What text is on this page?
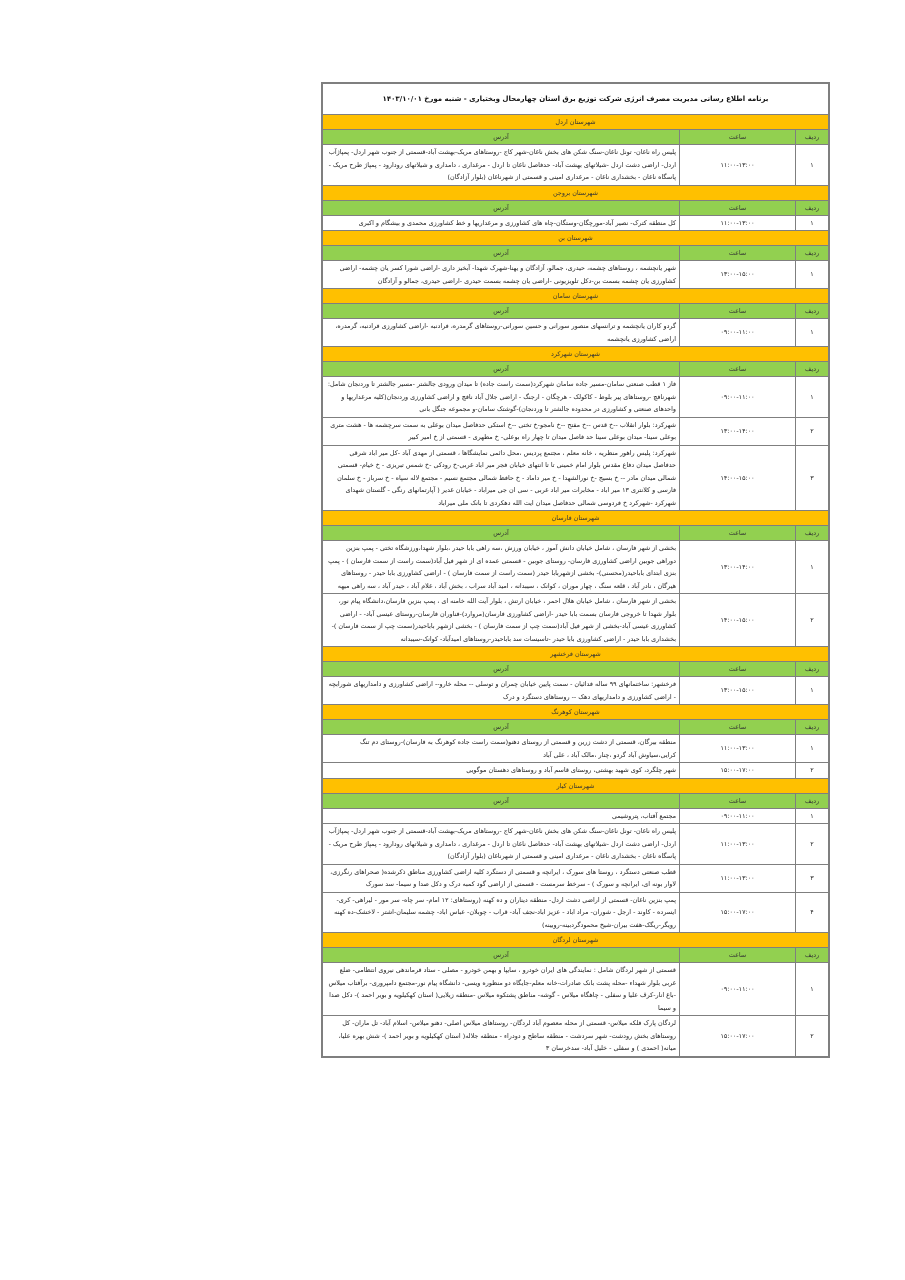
برنامه اطلاع رسانی مدیریت مصرف انرژی شرکت توزیع برق استان چهارمحال وبختیاری - شنبه مورخ ۱۴۰۳/۱۰/۰۱		
شهرستان اردل		
ردیف	ساعت	آدرس
۱	۱۱:۰۰-۱۳:۰۰	پلیس راه ناغان- تونل ناغان-سنگ شکن های بخش ناغان-شهر کاج -روستاهای مریک-بهشت آباد-قسمتی از جنوب شهر اردل- پمپاژآب اردل- اراضی دشت اردل -شیلاتهای بهشت آباد- حدفاصل ناغان تا اردل - مرغداری ، دامداری و شیلاتهای رودارود - پمپاژ طرح مریک - پاسگاه ناغان - بخشداری ناغان - مرغداری امینی و قسمتی از شهرناغان (بلوار آزادگان)
شهرستان بروجن		
ردیف	ساعت	آدرس
۱	۱۱:۰۰-۱۳:۰۰	کل منطقه کترک- نصیر آباد-مورچگان-وستگان-چاه های کشاورزی و مرغداریها و خط کشاورزی محمدی و بیشگام و اکبری
شهرستان بن		
ردیف	ساعت	آدرس
۱	۱۳:۰۰-۱۵:۰۰	شهر یانچشمه ، روستاهای چشمه، حیدری، جمالو، آزادگان و یهنا-شهرک شهدا- آبخیز داری -اراضی شورا کسر یان چشمه- اراضی کشاورزی یان چشمه بسمت بن-دکل تلویزیونی -اراضی یان چشمه بسمت حیدری -اراضی حیدری، جمالو و آزادگان
شهرستان سامان		
ردیف	ساعت	آدرس
۱	۰۹:۰۰-۱۱:۰۰	گردو کاران یانچشمه و ترانسهای منصور سورانی و حسین سورانی-روستاهای گرمدره، فرادنبه -اراضی کشاورزی فرادنبه، گرمدره، اراضی کشاورزی یانچشمه
شهرستان شهرکرد		
ردیف	ساعت	آدرس
۱	۰۹:۰۰-۱۱:۰۰	فاز ۱ قطب صنعتی سامان-مسیر جاده سامان شهرکرد(سمت راست جاده) تا میدان ورودی جالشتر -مسیر جالشتر تا وردنجان شامل: شهرنافچ -روستاهای پیر بلوط - کاکولک - هرچگان - ارجنگ - اراضی جلال آباد نافچ و اراضی کشاورزی وردنجان(کلیه مرغداریها و واحدهای صنعتی و کشاورزی در محدوده جالشتر تا وردنجان)-گوشتک سامان-و مجموعه جنگل بانی
۲	۱۳:۰۰-۱۴:۰۰	شهرکرد: بلوار انقلاب --خ قدس --خ مفتح --خ نامجو-خ تختی --خ استکی حدفاصل میدان بوعلی به سمت سرچشمه ها - هشت متری بوعلی سینا- میدان بوعلی سینا حد فاصل میدان تا چهار راه بوعلی- خ مطهری - قسمتی از خ امیر کبیر
۳	۱۴:۰۰-۱۵:۰۰	شهرکرد: پلیس راهور منظریه ، خانه معلم ، مجتمع پردیس ،محل دائمی نمایشگاها ، قسمتی از مهدی آباد -کل میر اباد شرقی حدفاصل میدان دفاع مقدس بلوار امام خمینی تا تا انتهای خیابان فجر میر اباد غربی-خ رودکی -خ شمس تبریزی - خ خیام- قسمتی شمالی میدان مادر -- خ بسیج -خ نورالشهدا - خ میر داماد - خ حافظ شمالی مجتمع نسیم - مجتمع لاله سپاه - خ سرباز - خ سلمان فارسی و کلانتری ۱۳ میر اباد - مخابرات میر اباد غربی - سی ان جی میراباد - خیابان غدیر ( آپارتمانهای رنگی - گلستان شهدای شهرکرد -شهرکرد خ فردوسی شمالی حدفاصل میدان ایت الله دهکردی تا بانک ملی میراباد
شهرستان فارسان		
ردیف	ساعت	آدرس
۱	۱۳:۰۰-۱۴:۰۰	بخشی از شهر فارسان ، شامل خیابان دانش آموز ، خیابان ورزش ،سه راهی بابا حیدر ،بلوار شهدا،ورزشگاه تختی - پمپ بنزین دوراهی جوبین اراضی کشاورزی فارسان- روستای جوبین - قسمتی عمده ای از شهر فیل آباد(سمت راست از سمت فارسان ) - پمپ بنزی ابتدای باباحیدر(محسنی)- بخشی ازشهربابا حیدر (سمت راست از سمت فارسان ) - اراضی کشاورزی بابا حیدر - روستاهای هیرگان ، نادر آباد ، قلعه سنگ ، چهار موران ، کوانک ، سیبدانه ، امید آباد سراب ، بخش آباد ، غلام آباد ، حیدر آباد ، سه راهی میهه
۲	۱۴:۰۰-۱۵:۰۰	بخشی از شهر فارسان ، شامل خیابان هلال احمر ، خیابان ارتش ، بلوار آیت الله خامنه ای ، پمپ بنزین فارسان،دانشگاه پیام نور، بلوار شهدا تا خروجی فارسان بسمت بابا حیدر -اراضی کشاورزی فارسان(مروارد)-فناوران فارسان-روستای عیسی آباد- - اراضی کشاورزی عیسی آباد-بخشی از شهر فیل آباد(سمت چپ از سمت فارسان ) - بخشی ازشهر باباحیدر(سمت چپ از سمت فارسان )- بخشداری بابا حیدر - اراضی کشاورزی بابا حیدر -تاسیسات سد باباحیدر-روستاهای امیدآباد- کوانک-سیبدانه
شهرستان فرخشهر		
ردیف	ساعت	آدرس
۱	۱۳:۰۰-۱۵:۰۰	فرخشهر: ساختمانهای ۹۹ ساله فدائیان - سمت پایین خیابان چمران و توسلی -- محله خارو-- اراضی کشاورزی و دامداریهای شورابچه - اراضی کشاورزی و دامداریهای دهک -- روستاهای دستگرد و درک
شهرستان کوهرنگ		
ردیف	ساعت	آدرس
۱	۱۱:۰۰-۱۳:۰۰	منطقه بیرگان، قسمتی از دشت زرین و قسمتی از روستای دهنو(سمت راست جاده کوهرنگ به فارسان)-روستای دم تنگ کرایی،سیاوش آباد گردو ،چنار ،مالک آباد ، علی آباد
۲	۱۵:۰۰-۱۷:۰۰	شهر چلگرد، کوی شهید بهشتی، روستای قاسم آباد و روستاهای دهستان موگویی
شهرستان کیار		
ردیف	ساعت	آدرس
۱	۰۹:۰۰-۱۱:۰۰	مجتمع آفتاب، پتروشیمی
۲	۱۱:۰۰-۱۳:۰۰	پلیس راه ناغان- تونل ناغان-سنگ شکن های بخش ناغان-شهر کاج -روستاهای مریک-بهشت آباد-قسمتی از جنوب شهر اردل- پمپاژآب اردل- اراضی دشت اردل -شیلاتهای بهشت آباد- حدفاصل ناغان تا اردل - مرغداری ، دامداری و شیلاتهای رودارود - پمپاژ طرح مریک - پاسگاه ناغان - بخشداری ناغان - مرغداری امینی و قسمتی از شهرناغان (بلوار آزادگان)
۳	۱۱:۰۰-۱۳:۰۰	قطب صنعتی دستگرد ، روستا های سورک ، ایرانچه و قسمتی از دستگرد کلیه اراضی کشاورزی مناطق ذکرشده( صحراهای رنگرزی، لاوار بونه ای، ایرانچه و سورک ) - سرخط سرمست - قسمتی از اراضی گود کمبه درک و دکل صدا و سیما- سد سورک
۴	۱۵:۰۰-۱۷:۰۰	پمپ بنزین ناغان- قسمتی از اراضی دشت اردل- منطقه دیناران و ده کهنه (روستاهای: ۱۲ امام- سر چاه- سر مور - لیراهی- کری- ایسرده - کاوند - ارجل - شوران- مراد اباد - عزیز اباد-نجف آباد- قراب - چوبلان- عباس اباد- چشمه سلیمان-اشتر - لاخشک-ده کهنه رویگر-ریگک-هفت بیران-شیخ محمودگردبینه-روبینه)
شهرستان لردگان		
ردیف	ساعت	آدرس
۱	۰۹:۰۰-۱۱:۰۰	قسمتی از شهر لردگان شامل : نمایندگی های ایران خودرو ، سایپا و بهمن خودرو - مصلی - ستاد فرماندهی نیروی انتظامی- ضلع غربی بلوار شهداء -محله پشت بانک صادرات-خانه معلم-جایگاه دو منظوره ویسی- دانشگاه پیام نور-مجتمع دامپروری- برآفتاب میلاس -باغ انار-کرف علیا و سفلی - چاهگاه میلاس - گوشه- مناطق پشتکوه میلاس -منطقه زیلایی( استان کهکیلویه و بویر احمد )- دکل صدا و سیما
۲	۱۵:۰۰-۱۷:۰۰	لردگان پارک فلکه میلاس- قسمتی از محله معصوم آباد لردگان- روستاهای میلاس اصلی- دهنو میلاس- اسلام آباد- تل ماران- کل روستاهای بخش رودشت- شهر سردشت - منطقه ساطح و دودراء - منطقه جلاله( استان کهکیلویه و بویر احمد )- شش بهره علیا، میانه( احمدی ) و سفلی - خلیل آباد- سدخرسان ۳
